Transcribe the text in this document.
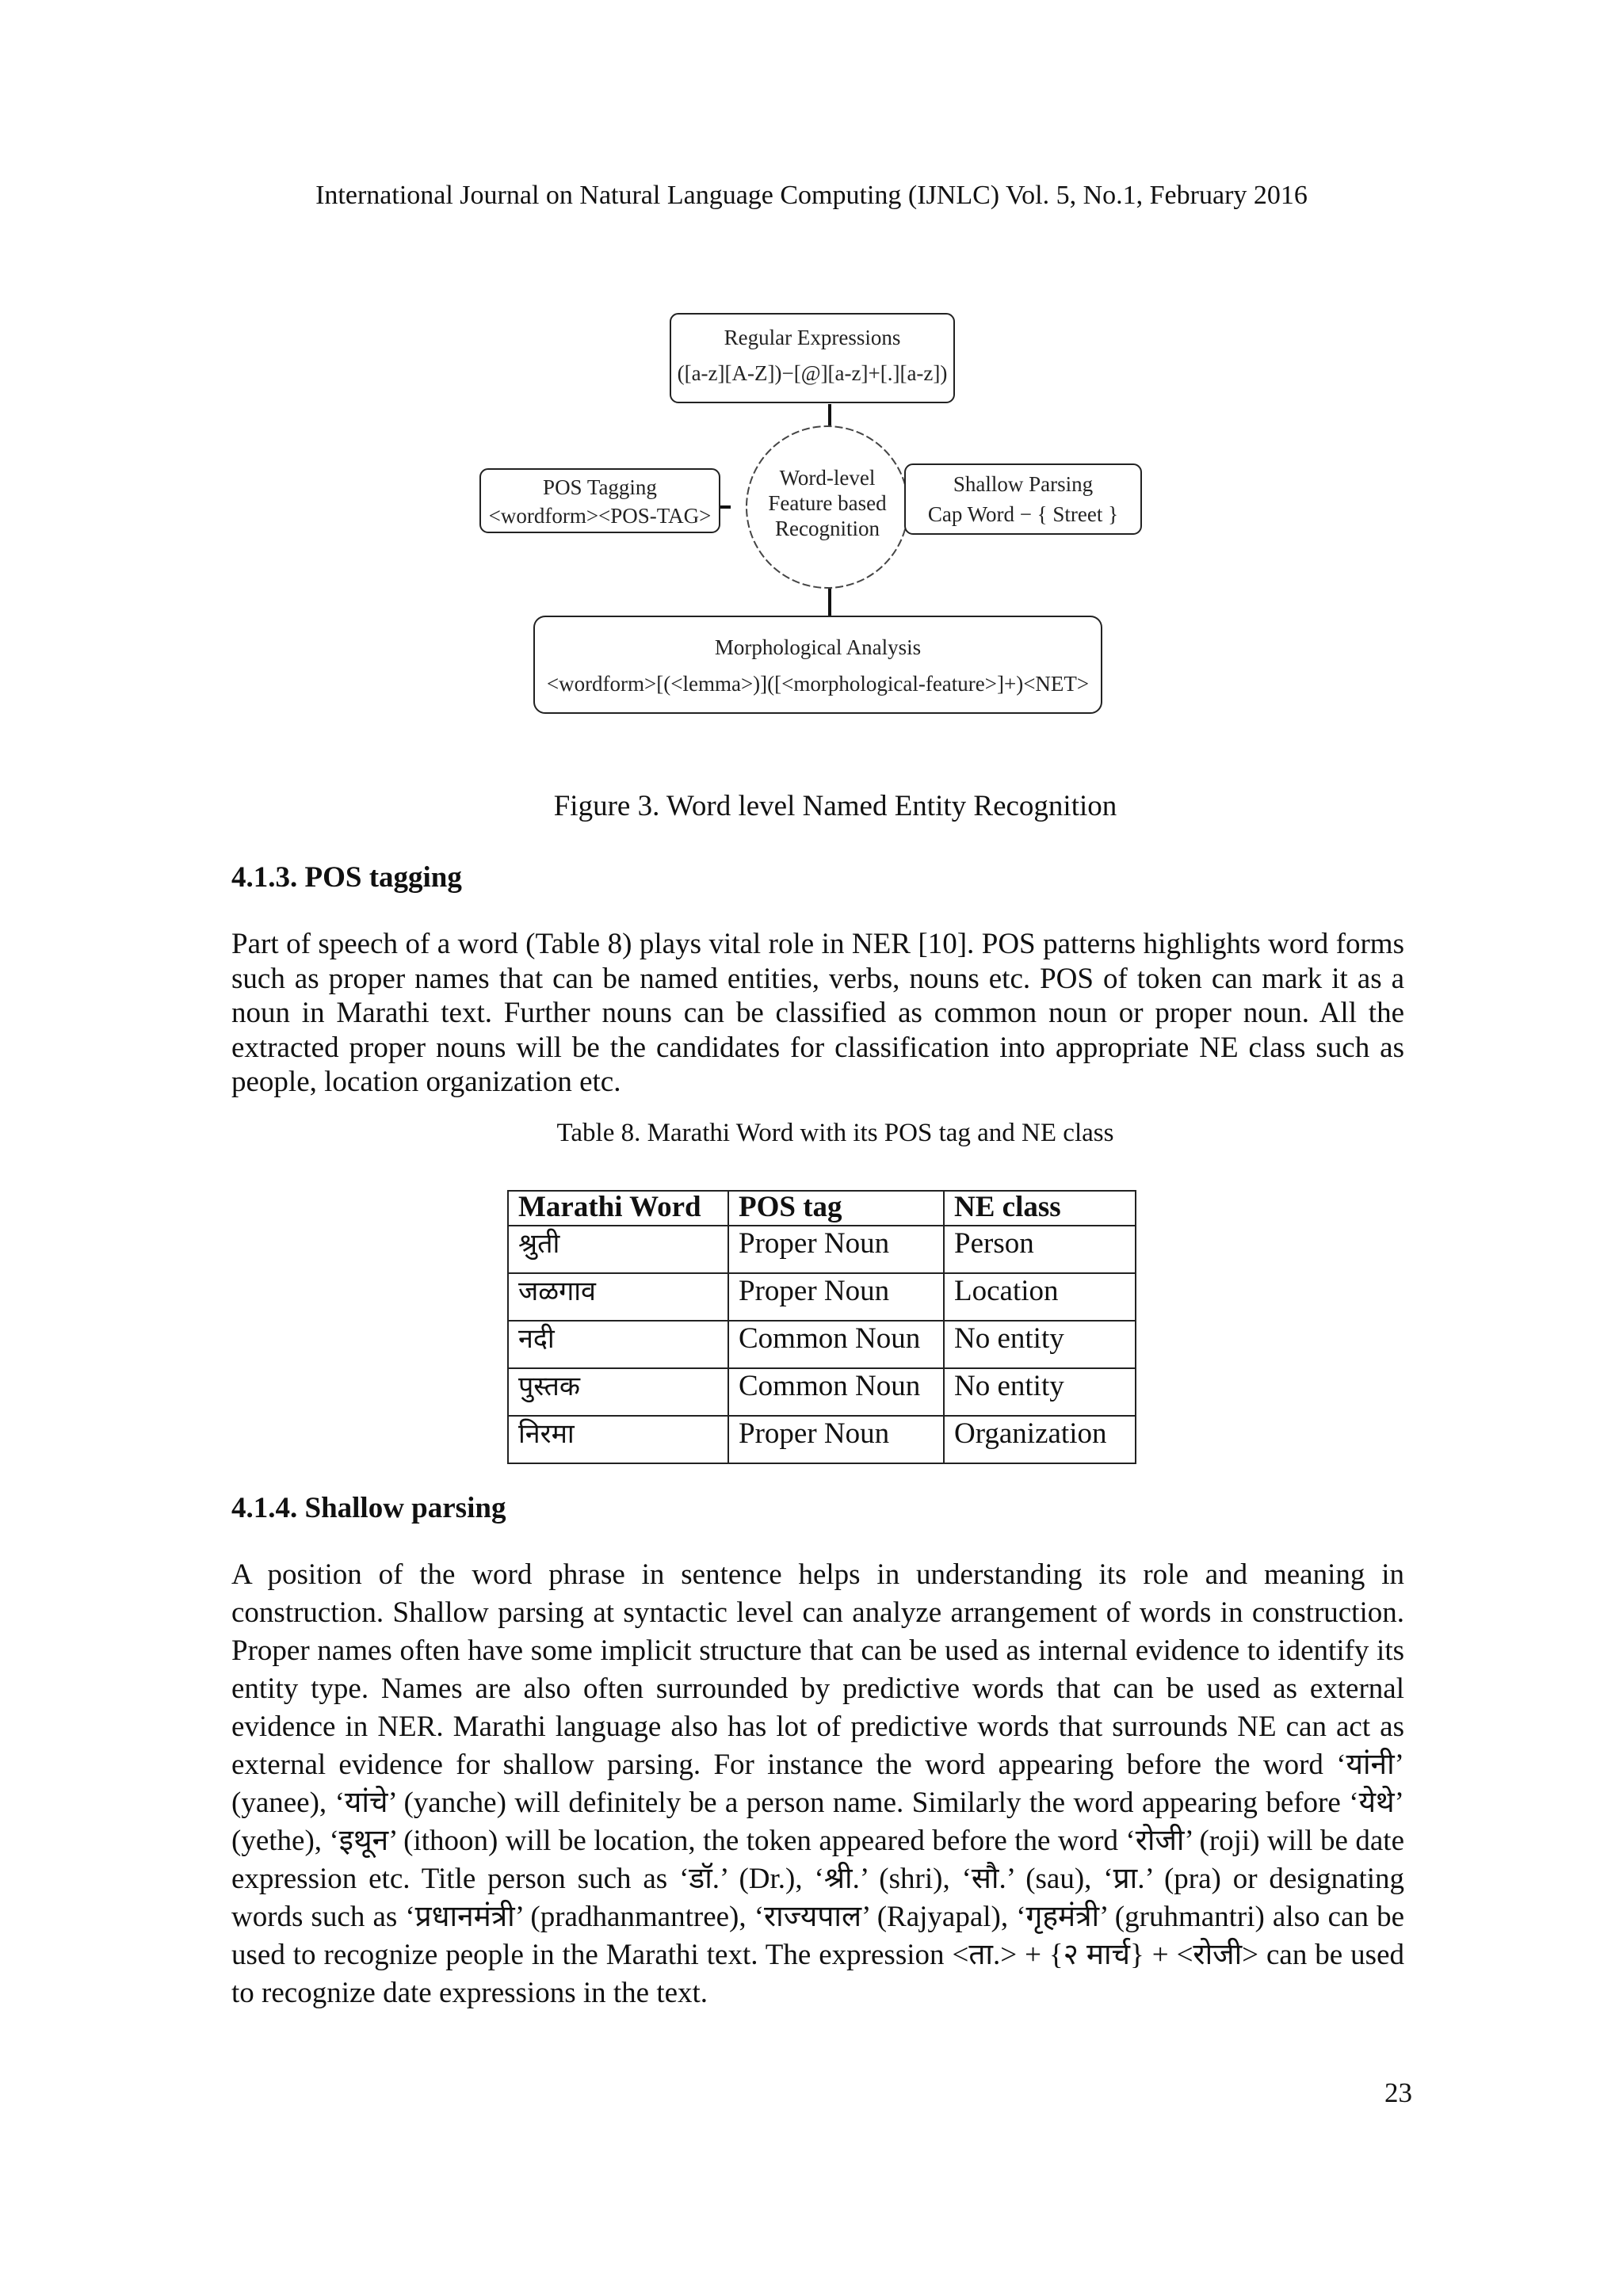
International Journal on Natural Language Computing (IJNLC) Vol. 5, No.1, February 2016
Regular Expressions
([a-z][A-Z])−[@][a-z]+[.][a-z])
POS Tagging
<wordform><POS-TAG>
Word-level
Feature based
Recognition
Shallow Parsing
Cap Word − { Street }
Morphological Analysis
<wordform>[(<lemma>)]([<morphological-feature>]+)<NET>
Figure 3. Word level Named Entity Recognition
4.1.3. POS tagging
Part of speech of a word (Table 8) plays vital role in NER [10]. POS patterns highlights word forms such as proper names that can be named entities, verbs, nouns etc. POS of token can mark it as a noun in Marathi text. Further nouns can be classified as common noun or proper noun. All the extracted proper nouns will be the candidates for classification into appropriate NE class such as people, location organization etc.
Table 8. Marathi Word with its POS tag and NE class
Marathi Word	POS tag	NE class
श्रुती	Proper Noun	Person
जळगाव	Proper Noun	Location
नदी	Common Noun	No entity
पुस्तक	Common Noun	No entity
निरमा	Proper Noun	Organization
4.1.4. Shallow parsing
A position of the word phrase in sentence helps in understanding its role and meaning in construction. Shallow parsing at syntactic level can analyze arrangement of words in construction. Proper names often have some implicit structure that can be used as internal evidence to identify its entity type. Names are also often surrounded by predictive words that can be used as external evidence in NER. Marathi language also has lot of predictive words that surrounds NE can act as external evidence for shallow parsing. For instance the word appearing before the word ‘यांनी’ (yanee), ‘यांचे’ (yanche) will definitely be a person name. Similarly the word appearing before ‘येथे’ (yethe), ‘इथून’ (ithoon) will be location, the token appeared before the word ‘रोजी’ (roji) will be date expression etc. Title person such as ‘डॉ.’ (Dr.), ‘श्री.’ (shri), ‘सौ.’ (sau), ‘प्रा.’ (pra) or designating words such as ‘प्रधानमंत्री’ (pradhanmantree), ‘राज्यपाल’ (Rajyapal), ‘गृहमंत्री’ (gruhmantri) also can be used to recognize people in the Marathi text. The expression <ता.> + {२ मार्च} + <रोजी> can be used to recognize date expressions in the text.
23
